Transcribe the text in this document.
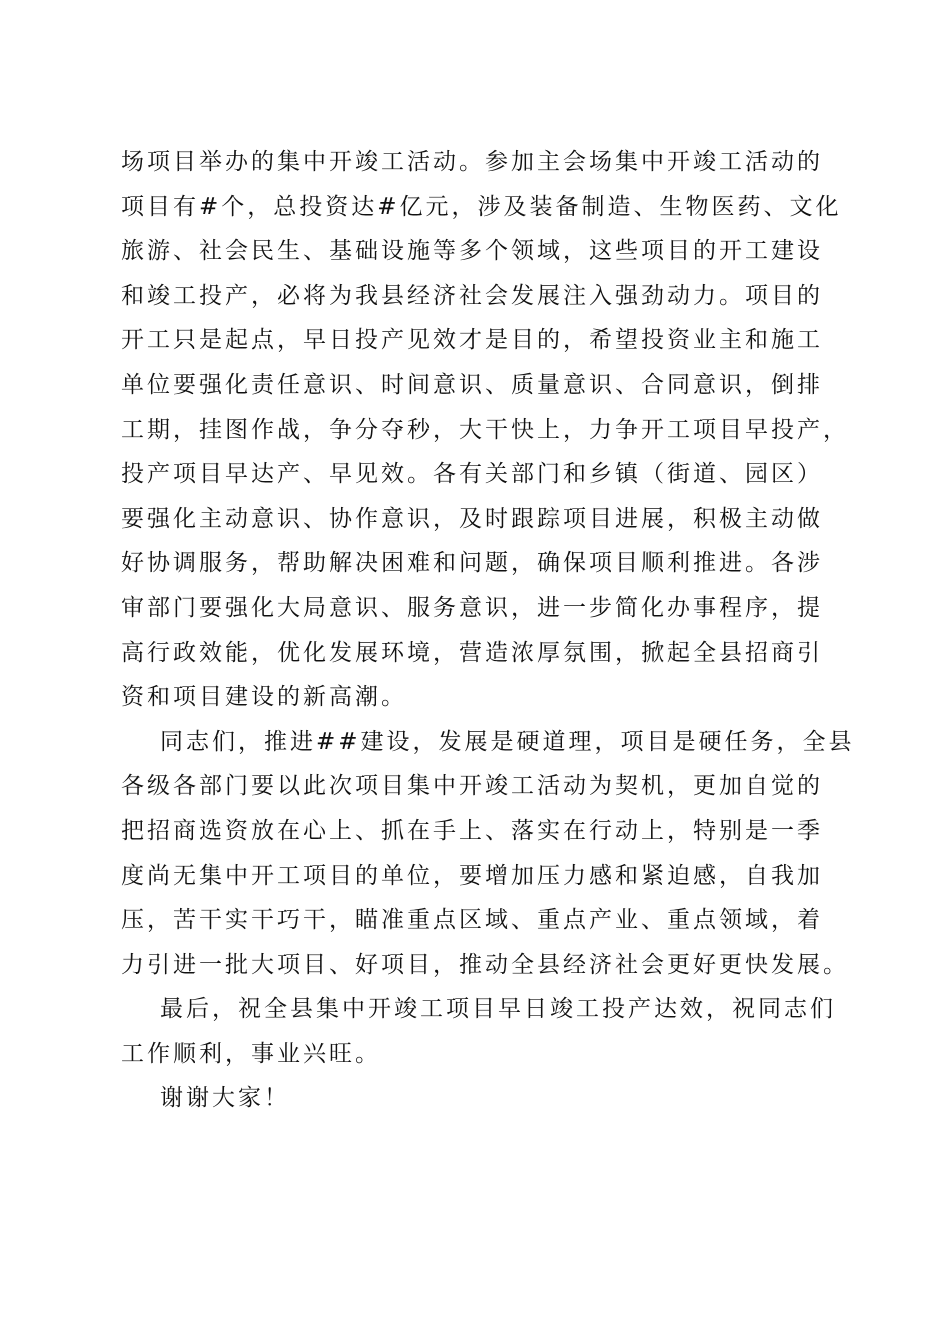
场项目举办的集中开竣工活动。参加主会场集中开竣工活动的
项目有#个，总投资达#亿元，涉及装备制造、生物医药、文化
旅游、社会民生、基础设施等多个领域，这些项目的开工建设
和竣工投产，必将为我县经济社会发展注入强劲动力。项目的
开工只是起点，早日投产见效才是目的，希望投资业主和施工
单位要强化责任意识、时间意识、质量意识、合同意识，倒排
工期，挂图作战，争分夺秒，大干快上，力争开工项目早投产，
投产项目早达产、早见效。各有关部门和乡镇（街道、园区）
要强化主动意识、协作意识，及时跟踪项目进展，积极主动做
好协调服务，帮助解决困难和问题，确保项目顺利推进。各涉
审部门要强化大局意识、服务意识，进一步简化办事程序，提
高行政效能，优化发展环境，营造浓厚氛围，掀起全县招商引
资和项目建设的新高潮。
同志们，推进##建设，发展是硬道理，项目是硬任务，全县
各级各部门要以此次项目集中开竣工活动为契机，更加自觉的
把招商选资放在心上、抓在手上、落实在行动上，特别是一季
度尚无集中开工项目的单位，要增加压力感和紧迫感，自我加
压，苦干实干巧干，瞄准重点区域、重点产业、重点领域，着
力引进一批大项目、好项目，推动全县经济社会更好更快发展。
最后，祝全县集中开竣工项目早日竣工投产达效，祝同志们
工作顺利，事业兴旺。
谢谢大家！
